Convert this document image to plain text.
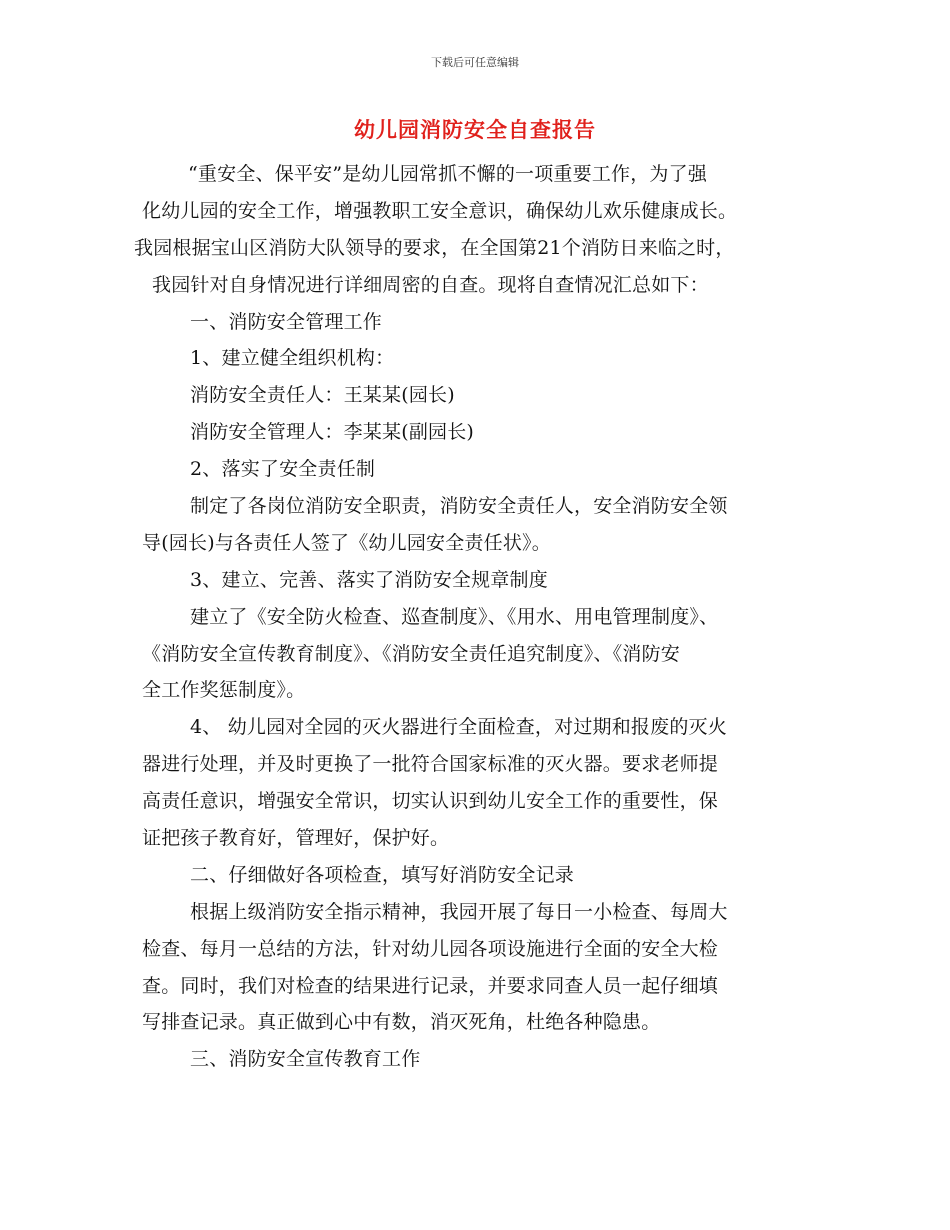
下载后可任意编辑
幼儿园消防安全自查报告
“重安全、保平安”是幼儿园常抓不懈的一项重要工作，为了强
化幼儿园的安全工作，增强教职工安全意识，确保幼儿欢乐健康成长。
我园根据宝山区消防大队领导的要求，在全国第21个消防日来临之时，
我园针对自身情况进行详细周密的自查。现将自查情况汇总如下：
一、消防安全管理工作
1、建立健全组织机构：
消防安全责任人：王某某(园长)
消防安全管理人：李某某(副园长)
2、落实了安全责任制
制定了各岗位消防安全职责，消防安全责任人，安全消防安全领
导(园长)与各责任人签了《幼儿园安全责任状》。
3、建立、完善、落实了消防安全规章制度
建立了《安全防火检查、巡查制度》、《用水、用电管理制度》、
《消防安全宣传教育制度》、《消防安全责任追究制度》、《消防安
全工作奖惩制度》。
4、 幼儿园对全园的灭火器进行全面检查，对过期和报废的灭火
器进行处理，并及时更换了一批符合国家标准的灭火器。要求老师提
高责任意识，增强安全常识，切实认识到幼儿安全工作的重要性，保
证把孩子教育好，管理好，保护好。
二、仔细做好各项检查，填写好消防安全记录
根据上级消防安全指示精神，我园开展了每日一小检查、每周大
检查、每月一总结的方法，针对幼儿园各项设施进行全面的安全大检
查。同时，我们对检查的结果进行记录，并要求同查人员一起仔细填
写排查记录。真正做到心中有数，消灭死角，杜绝各种隐患。
三、消防安全宣传教育工作
